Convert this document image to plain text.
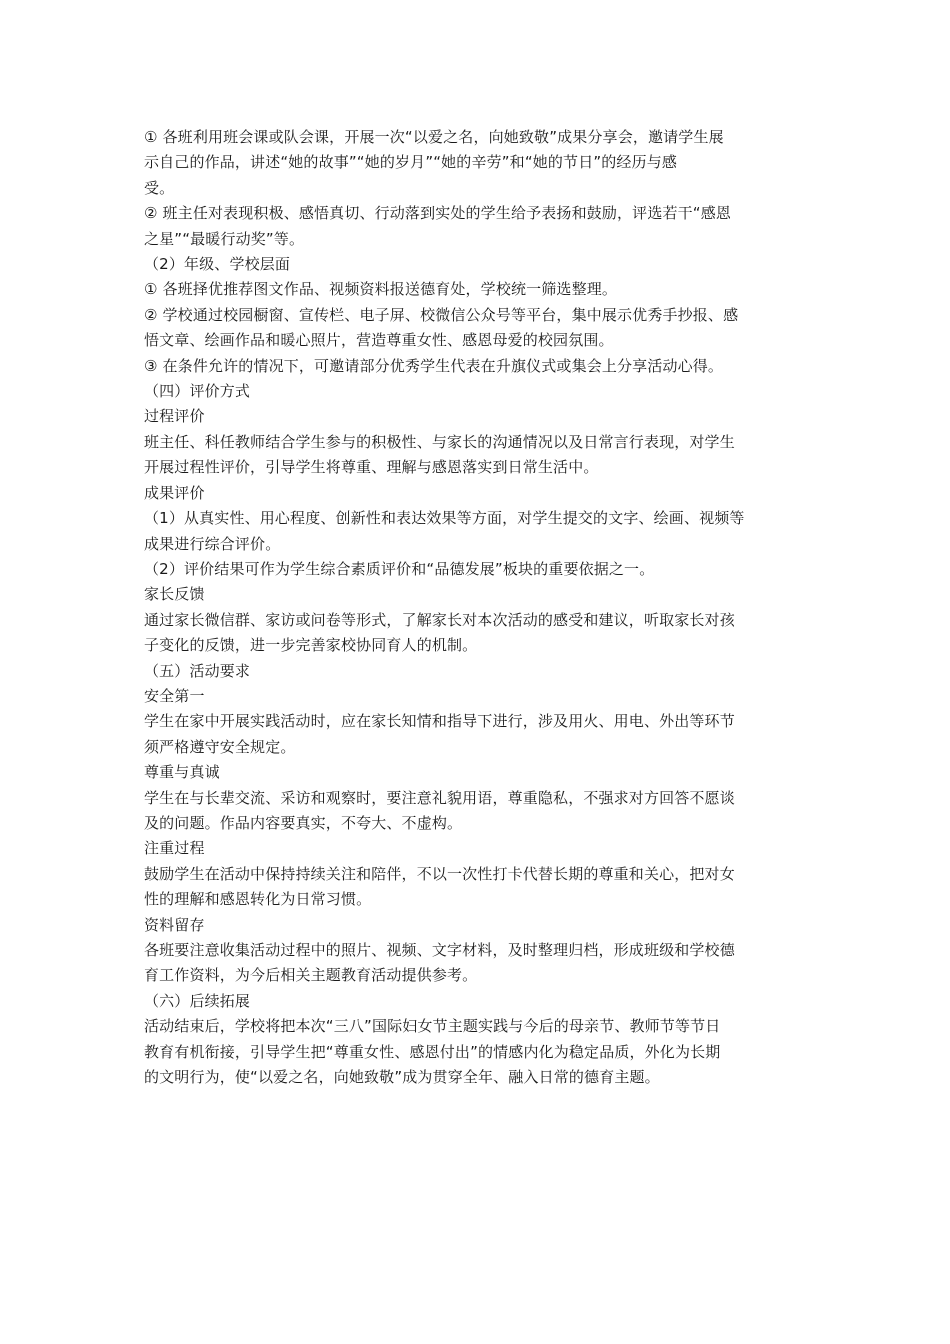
① 各班利用班会课或队会课，开展一次“以爱之名，向她致敬”成果分享会，邀请学生展

示自己的作品，讲述“她的故事”“她的岁月”“她的辛劳”和“她的节日”的经历与感

受。

② 班主任对表现积极、感悟真切、行动落到实处的学生给予表扬和鼓励，评选若干“感恩

之星”“最暖行动奖”等。

（2）年级、学校层面

① 各班择优推荐图文作品、视频资料报送德育处，学校统一筛选整理。

② 学校通过校园橱窗、宣传栏、电子屏、校微信公众号等平台，集中展示优秀手抄报、感

悟文章、绘画作品和暖心照片，营造尊重女性、感恩母爱的校园氛围。

③ 在条件允许的情况下，可邀请部分优秀学生代表在升旗仪式或集会上分享活动心得。

（四）评价方式

过程评价

班主任、科任教师结合学生参与的积极性、与家长的沟通情况以及日常言行表现，对学生

开展过程性评价，引导学生将尊重、理解与感恩落实到日常生活中。

成果评价

（1）从真实性、用心程度、创新性和表达效果等方面，对学生提交的文字、绘画、视频等

成果进行综合评价。

（2）评价结果可作为学生综合素质评价和“品德发展”板块的重要依据之一。

家长反馈

通过家长微信群、家访或问卷等形式，了解家长对本次活动的感受和建议，听取家长对孩

子变化的反馈，进一步完善家校协同育人的机制。

（五）活动要求

安全第一

学生在家中开展实践活动时，应在家长知情和指导下进行，涉及用火、用电、外出等环节

须严格遵守安全规定。

尊重与真诚

学生在与长辈交流、采访和观察时，要注意礼貌用语，尊重隐私，不强求对方回答不愿谈

及的问题。作品内容要真实，不夸大、不虚构。

注重过程

鼓励学生在活动中保持持续关注和陪伴，不以一次性打卡代替长期的尊重和关心，把对女

性的理解和感恩转化为日常习惯。

资料留存

各班要注意收集活动过程中的照片、视频、文字材料，及时整理归档，形成班级和学校德

育工作资料，为今后相关主题教育活动提供参考。

（六）后续拓展

活动结束后，学校将把本次“三八”国际妇女节主题实践与今后的母亲节、教师节等节日

教育有机衔接，引导学生把“尊重女性、感恩付出”的情感内化为稳定品质，外化为长期

的文明行为，使“以爱之名，向她致敬”成为贯穿全年、融入日常的德育主题。
